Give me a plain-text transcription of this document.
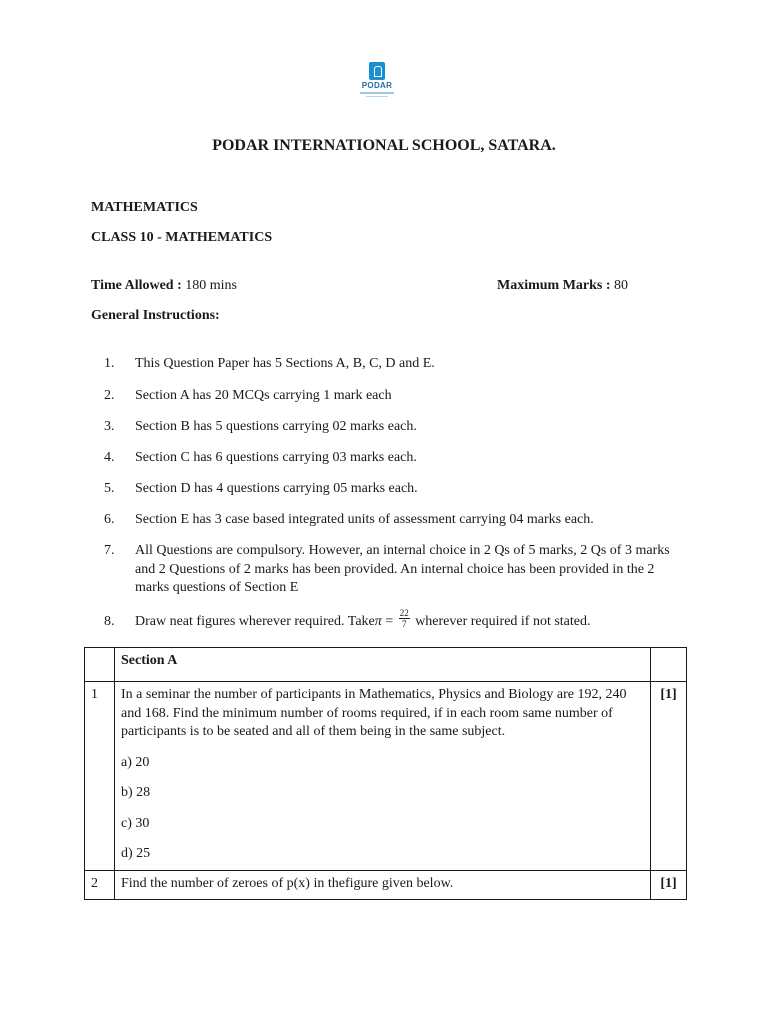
PODAR
PODAR INTERNATIONAL SCHOOL, SATARA.
MATHEMATICS
CLASS 10 - MATHEMATICS
Time Allowed : 180 mins	Maximum Marks : 80
General Instructions:
1.	This Question Paper has 5 Sections A, B, C, D and E.
2.	Section A has 20 MCQs carrying 1 mark each
3.	Section B has 5 questions carrying 02 marks each.
4.	Section C has 6 questions carrying 03 marks each.
5.	Section D has 4 questions carrying 05 marks each.
6.	Section E has 3 case based integrated units of assessment carrying 04 marks each.
7.	All Questions are compulsory. However, an internal choice in 2 Qs of 5 marks, 2 Qs of 3 marks and 2 Questions of 2 marks has been provided. An internal choice has been provided in the 2 marks questions of Section E
8.	Draw neat figures wherever required. Takeπ = $\frac{22}{7}$ wherever required if not stated.
	Section A	
1	In a seminar the number of participants in Mathematics, Physics and Biology are 192, 240 and 168. Find the minimum number of rooms required, if in each room same number of participants is to be seated and all of them being in the same subject.
a) 20
b) 28
c) 30
d) 25	[1]
2	Find the number of zeroes of p(x) in thefigure given below.	[1]
